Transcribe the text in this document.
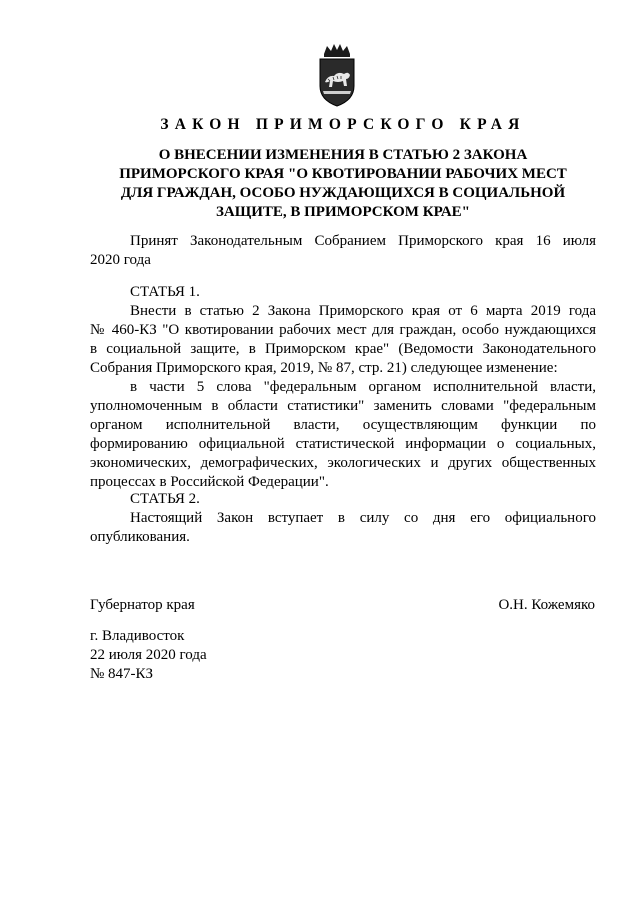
ЗАКОН ПРИМОРСКОГО КРАЯ
О ВНЕСЕНИИ ИЗМЕНЕНИЯ В СТАТЬЮ 2 ЗАКОНА
ПРИМОРСКОГО КРАЯ "О КВОТИРОВАНИИ РАБОЧИХ МЕСТ
ДЛЯ ГРАЖДАН, ОСОБО НУЖДАЮЩИХСЯ В СОЦИАЛЬНОЙ
ЗАЩИТЕ, В ПРИМОРСКОМ КРАЕ"
Принят Законодательным Собранием Приморского края 16 июля
2020 года
СТАТЬЯ 1.
Внести в статью 2 Закона Приморского края от 6 марта 2019 года
№ 460-КЗ "О квотировании рабочих мест для граждан, особо нуждающихся
в социальной защите, в Приморском крае" (Ведомости Законодательного
Собрания Приморского края, 2019, № 87, стр. 21) следующее изменение:
в части 5 слова "федеральным органом исполнительной власти,
уполномоченным в области статистики" заменить словами "федеральным
органом исполнительной власти, осуществляющим функции по
формированию официальной статистической информации о социальных,
экономических, демографических, экологических и других общественных
процессах в Российской Федерации".
СТАТЬЯ 2.
Настоящий Закон вступает в силу со дня его официального
опубликования.
Губернатор края	О.Н. Кожемяко
г. Владивосток
22 июля 2020 года
№ 847-КЗ
